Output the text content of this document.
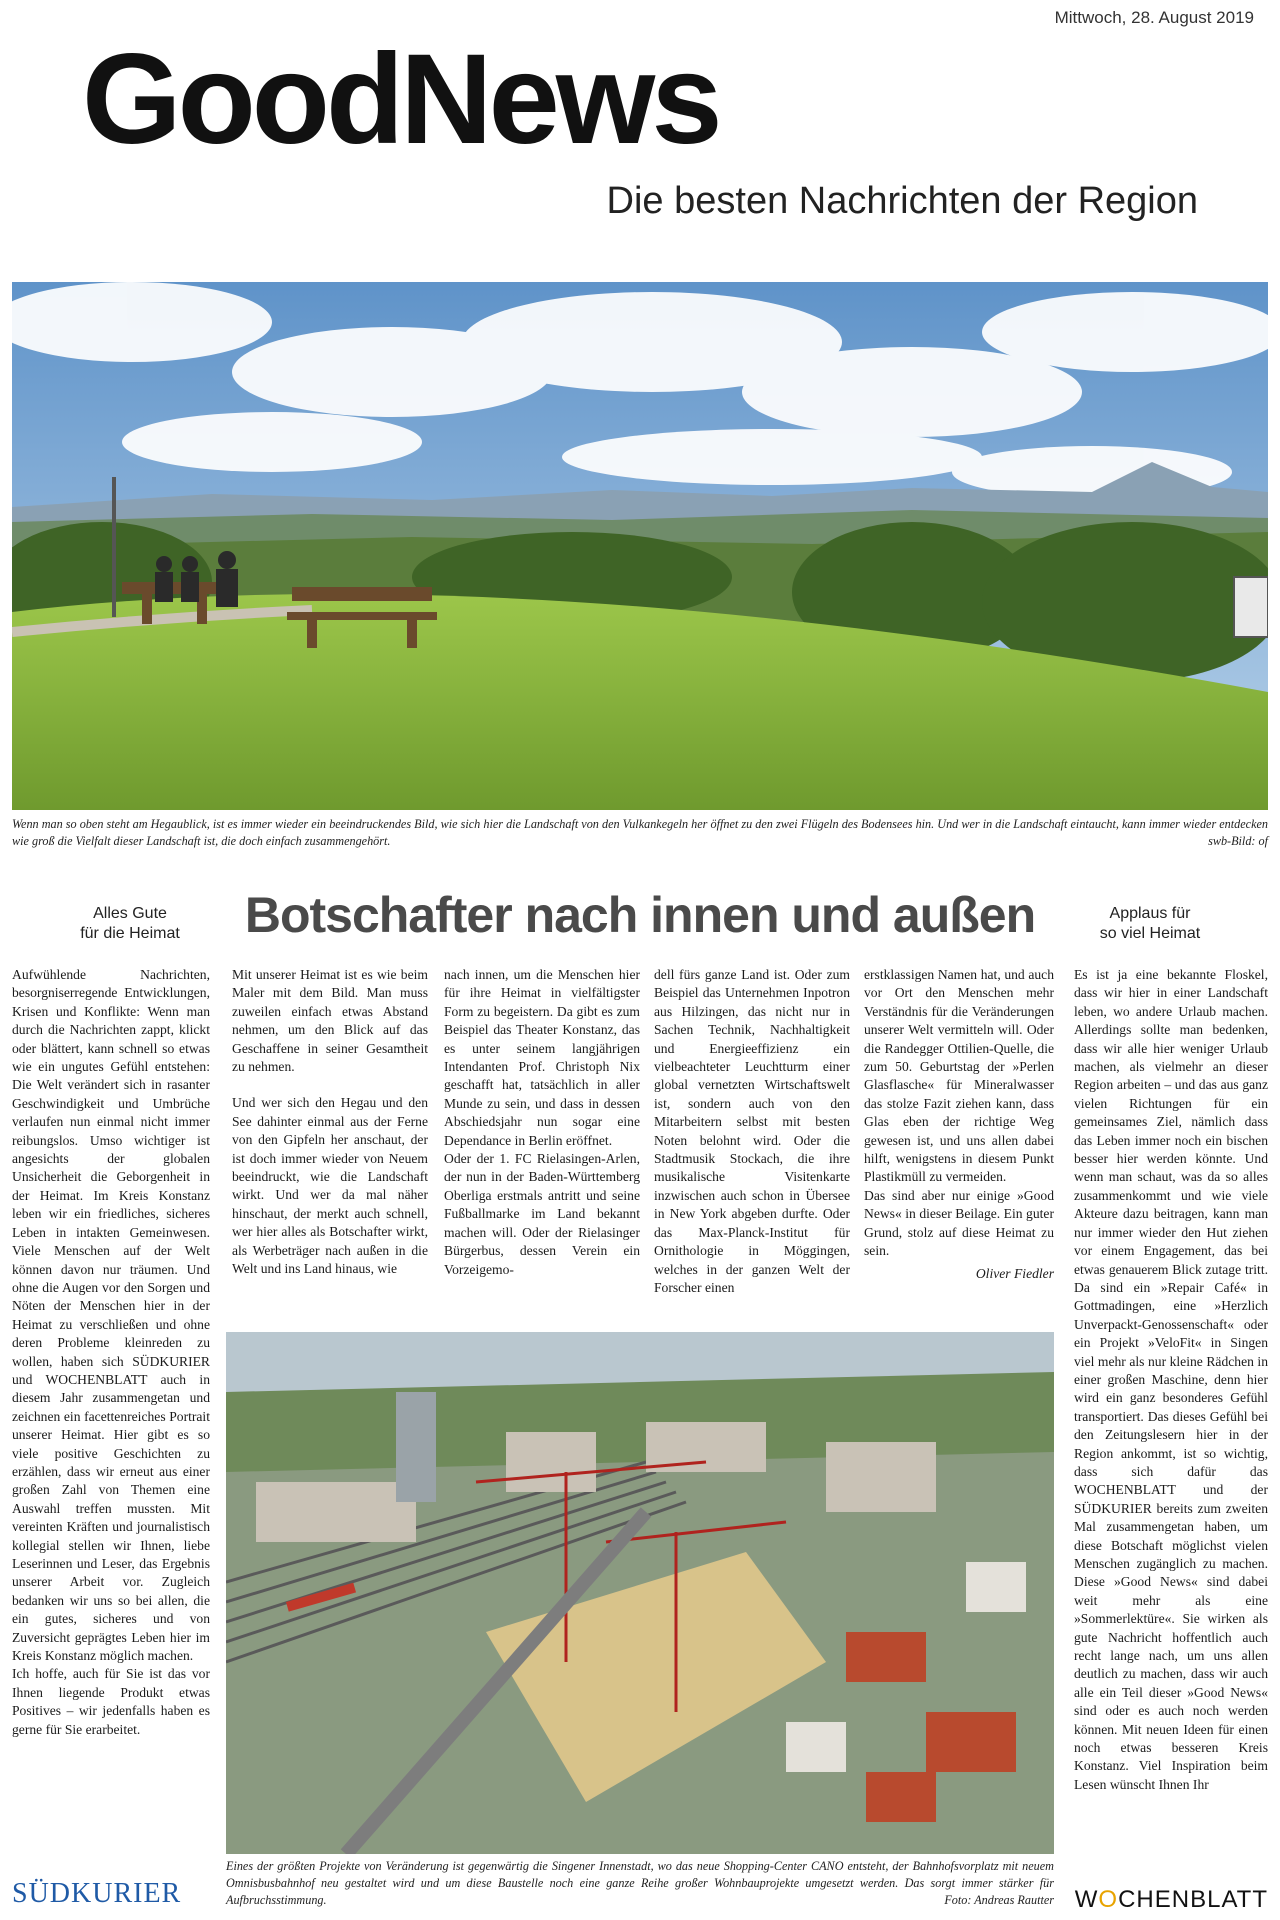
Mittwoch, 28. August 2019
GoodNews
Die besten Nachrichten der Region
Wenn man so oben steht am Hegaublick, ist es immer wieder ein beeindruckendes Bild, wie sich hier die Landschaft von den Vulkankegeln her öffnet zu den zwei Flügeln des Bodensees hin. Und wer in die Landschaft eintaucht, kann immer wieder entdecken wie groß die Vielfalt dieser Landschaft ist, die doch einfach zusammengehört.	swb-Bild: of
Alles Gute
für die Heimat	Botschafter nach innen und außen	Applaus für
so viel Heimat

Aufwühlende Nachrichten, besorgniserregende Entwicklungen, Krisen und Konflikte: Wenn man durch die Nachrichten zappt, klickt oder blättert, kann schnell so etwas wie ein ungutes Gefühl entstehen: Die Welt verändert sich in rasanter Geschwindigkeit und Umbrüche verlaufen nun einmal nicht immer reibungslos. Umso wichtiger ist angesichts der globalen Unsicherheit die Geborgenheit in der Heimat. Im Kreis Konstanz leben wir ein friedliches, sicheres Leben in intakten Gemeinwesen. Viele Menschen auf der Welt können davon nur träumen. Und ohne die Augen vor den Sorgen und Nöten der Menschen hier in der Heimat zu verschließen und ohne deren Probleme kleinreden zu wollen, haben sich SÜDKURIER und WOCHENBLATT auch in diesem Jahr zusammengetan und zeichnen ein facettenreiches Portrait unserer Heimat. Hier gibt es so viele positive Geschichten zu erzählen, dass wir erneut aus einer großen Zahl von Themen eine Auswahl treffen mussten. Mit vereinten Kräften und journalistisch kollegial stellen wir Ihnen, liebe Leserinnen und Leser, das Ergebnis unserer Arbeit vor. Zugleich bedanken wir uns so bei allen, die ein gutes, sicheres und von Zuversicht geprägtes Leben hier im Kreis Konstanz möglich machen.

Ich hoffe, auch für Sie ist das vor Ihnen liegende Produkt etwas Positives – wir jedenfalls haben es gerne für Sie erarbeitet.

Mit unserer Heimat ist es wie beim Maler mit dem Bild. Man muss zuweilen einfach etwas Abstand nehmen, um den Blick auf das Geschaffene in seiner Gesamtheit zu nehmen.

Und wer sich den Hegau und den See dahinter einmal aus der Ferne von den Gipfeln her anschaut, der ist doch immer wieder von Neuem beeindruckt, wie die Landschaft wirkt. Und wer da mal näher hinschaut, der merkt auch schnell, wer hier alles als Botschafter wirkt, als Werbeträger nach außen in die Welt und ins Land hinaus, wie

nach innen, um die Menschen hier für ihre Heimat in vielfältigster Form zu begeistern. Da gibt es zum Beispiel das Theater Konstanz, das es unter seinem langjährigen Intendanten Prof. Christoph Nix geschafft hat, tatsächlich in aller Munde zu sein, und dass in dessen Abschiedsjahr nun sogar eine Dependance in Berlin eröffnet.

Oder der 1. FC Rielasingen-Arlen, der nun in der Baden-Württemberg Oberliga erstmals antritt und seine Fußballmarke im Land bekannt machen will. Oder der Rielasinger Bürgerbus, dessen Verein ein Vorzeigemo-

dell fürs ganze Land ist. Oder zum Beispiel das Unternehmen Inpotron aus Hilzingen, das nicht nur in Sachen Technik, Nachhaltigkeit und Energieeffizienz ein vielbeachteter Leuchtturm einer global vernetzten Wirtschaftswelt ist, sondern auch von den Mitarbeitern selbst mit besten Noten belohnt wird. Oder die Stadtmusik Stockach, die ihre musikalische Visitenkarte inzwischen auch schon in Übersee in New York abgeben durfte. Oder das Max-Planck-Institut für Ornithologie in Möggingen, welches in der ganzen Welt der Forscher einen

erstklassigen Namen hat, und auch vor Ort den Menschen mehr Verständnis für die Veränderungen unserer Welt vermitteln will. Oder die Randegger Ottilien-Quelle, die zum 50. Geburtstag der »Perlen Glasflasche« für Mineralwasser das stolze Fazit ziehen kann, dass Glas eben der richtige Weg gewesen ist, und uns allen dabei hilft, wenigstens in diesem Punkt Plastikmüll zu vermeiden.

Das sind aber nur einige »Good News« in dieser Beilage. Ein guter Grund, stolz auf diese Heimat zu sein.

Oliver Fiedler

Es ist ja eine bekannte Floskel, dass wir hier in einer Landschaft leben, wo andere Urlaub machen. Allerdings sollte man bedenken, dass wir alle hier weniger Urlaub machen, als vielmehr an dieser Region arbeiten – und das aus ganz vielen Richtungen für ein gemeinsames Ziel, nämlich dass das Leben immer noch ein bischen besser hier werden könnte. Und wenn man schaut, was da so alles zusammenkommt und wie viele Akteure dazu beitragen, kann man nur immer wieder den Hut ziehen vor einem Engagement, das bei etwas genauerem Blick zutage tritt. Da sind ein »Repair Café« in Gottmadingen, eine »Herzlich Unverpackt-Genossenschaft« oder ein Projekt »VeloFit« in Singen viel mehr als nur kleine Rädchen in einer großen Maschine, denn hier wird ein ganz besonderes Gefühl transportiert. Das dieses Gefühl bei den Zeitungslesern hier in der Region ankommt, ist so wichtig, dass sich dafür das WOCHENBLATT und der SÜDKURIER bereits zum zweiten Mal zusammengetan haben, um diese Botschaft möglichst vielen Menschen zugänglich zu machen. Diese »Good News« sind dabei weit mehr als eine »Sommerlektüre«. Sie wirken als gute Nachricht hoffentlich auch recht lange nach, um uns allen deutlich zu machen, dass wir auch alle ein Teil dieser »Good News« sind oder es auch noch werden können. Mit neuen Ideen für einen noch etwas besseren Kreis Konstanz. Viel Inspiration beim Lesen wünscht Ihnen Ihr

Eines der größten Projekte von Veränderung ist gegenwärtig die Singener Innenstadt, wo das neue Shopping-Center CANO entsteht, der Bahnhofsvorplatz mit neuem Omnisbusbahnhof neu gestaltet wird und um diese Baustelle noch eine ganze Reihe großer Wohnbauprojekte umgesetzt werden. Das sorgt immer stärker für Aufbruchsstimmung.	Foto: Andreas Rautter
SÜDKURIER	WOCHENBLATT
